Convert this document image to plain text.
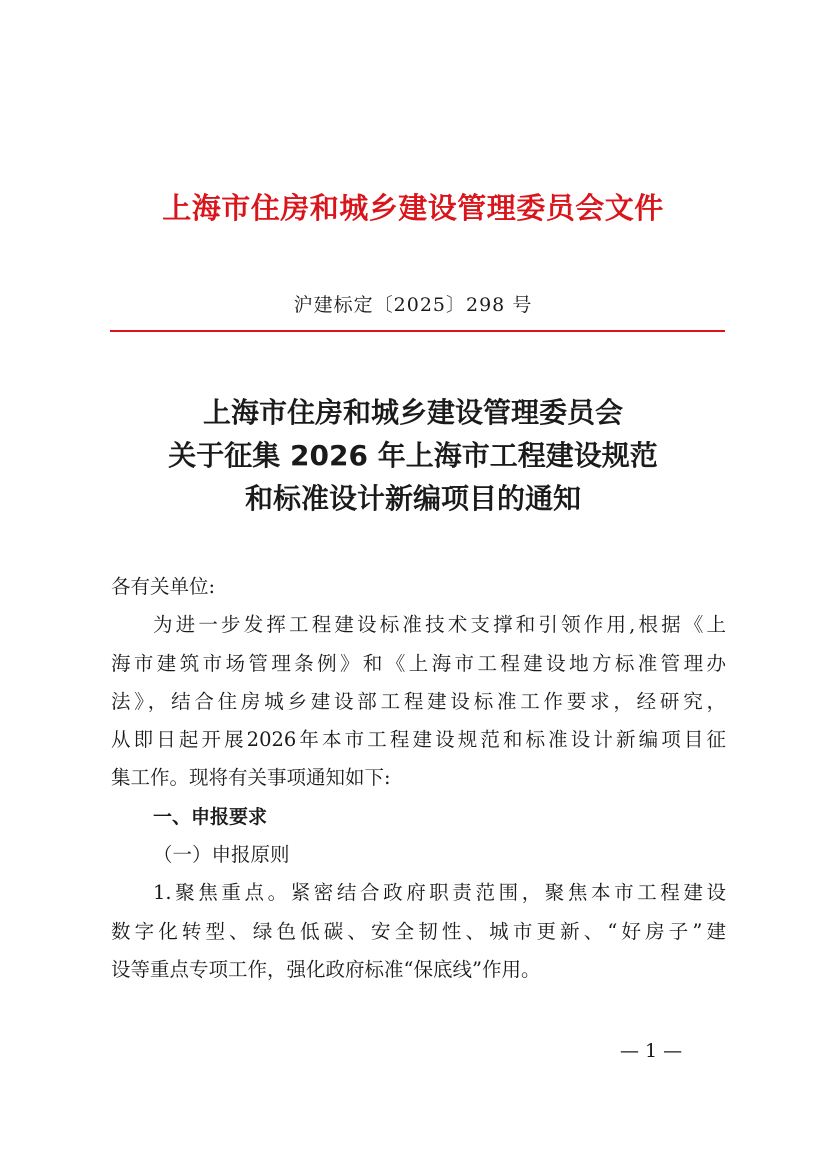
上海市住房和城乡建设管理委员会文件
沪建标定〔2025〕298 号
上海市住房和城乡建设管理委员会
关于征集 2026 年上海市工程建设规范
和标准设计新编项目的通知
各有关单位:
为进一步发挥工程建设标准技术支撑和引领作用,根据《上
海市建筑市场管理条例》和《上海市工程建设地方标准管理办
法》，结合住房城乡建设部工程建设标准工作要求，经研究，
从即日起开展2026年本市工程建设规范和标准设计新编项目征
集工作。现将有关事项通知如下:
一、申报要求
（一）申报原则
1.聚焦重点。紧密结合政府职责范围，聚焦本市工程建设
数字化转型、绿色低碳、安全韧性、城市更新、“好房子”建
设等重点专项工作，强化政府标准“保底线”作用。
— 1 —
